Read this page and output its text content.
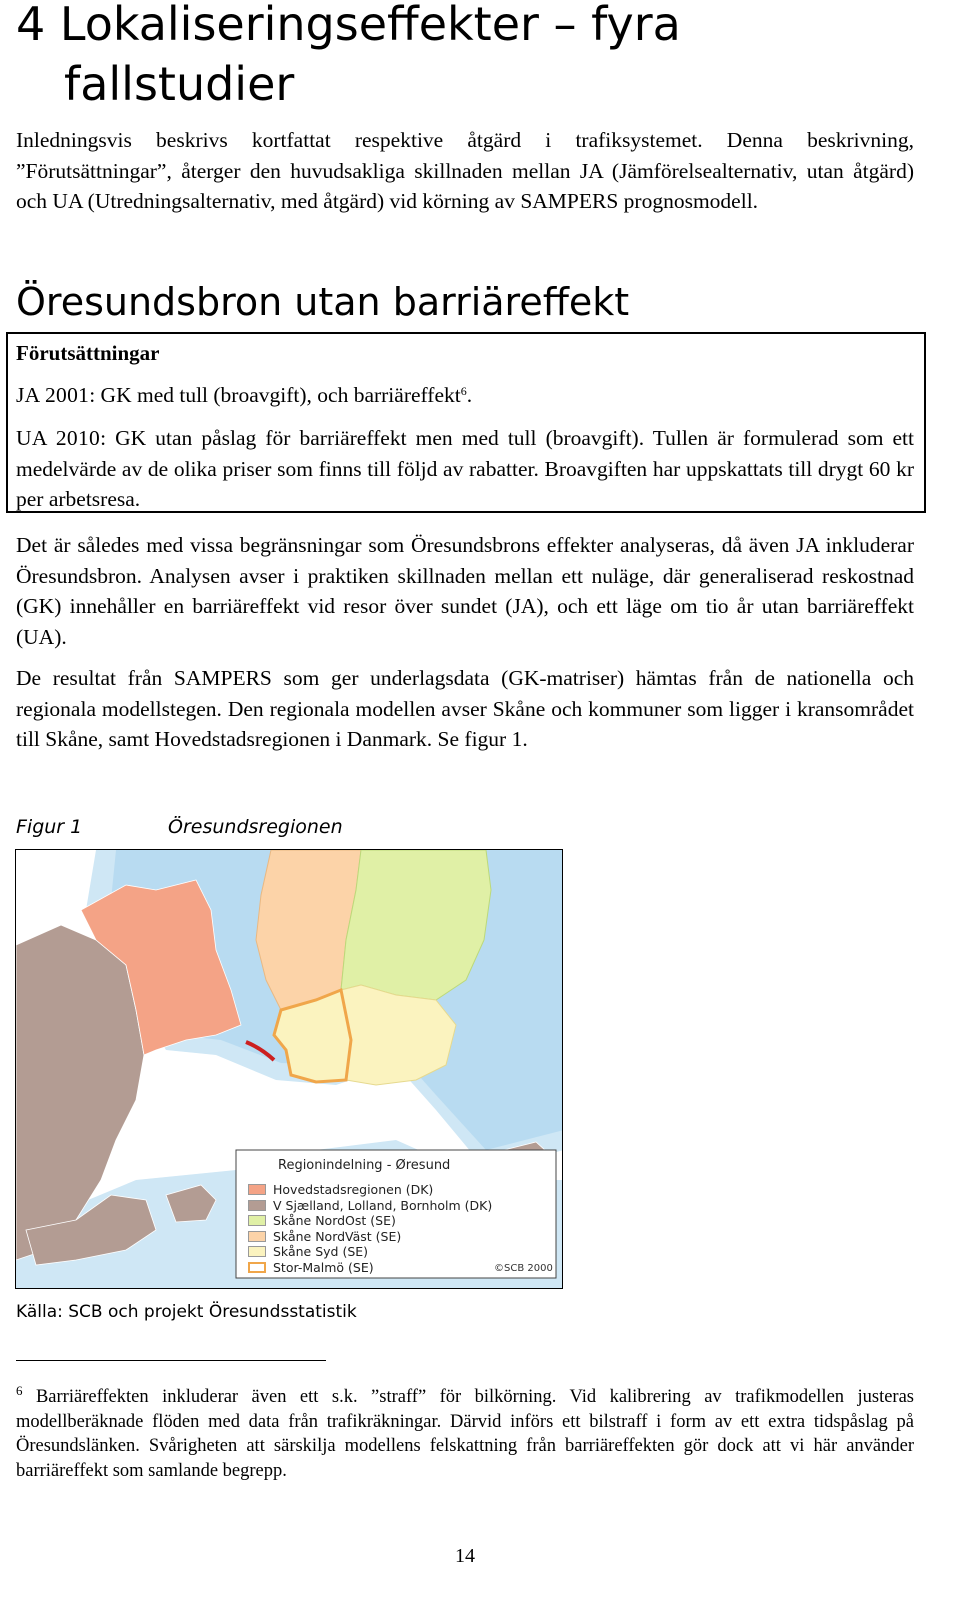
4 Lokaliseringseffekter – fyra
fallstudier

Inledningsvis beskrivs kortfattat respektive åtgärd i trafiksystemet. Denna beskrivning, ”Förutsättningar”, återger den huvudsakliga skillnaden mellan JA (Jämförelsealternativ, utan åtgärd) och UA (Utredningsalternativ, med åtgärd) vid körning av SAMPERS prognosmodell.

Öresundsbron utan barriäreffekt
Förutsättningar

JA 2001: GK med tull (broavgift), och barriäreffekt$^6$.

UA 2010: GK utan påslag för barriäreffekt men med tull (broavgift). Tullen är formulerad som ett medelvärde av de olika priser som finns till följd av rabatter. Broavgiften har uppskattats till drygt 60 kr per arbetsresa.

Det är således med vissa begränsningar som Öresundsbrons effekter analyseras, då även JA inkluderar Öresundsbron. Analysen avser i praktiken skillnaden mellan ett nuläge, där generaliserad reskostnad (GK) innehåller en barriäreffekt vid resor över sundet (JA), och ett läge om tio år utan barriäreffekt (UA).

De resultat från SAMPERS som ger underlagsdata (GK-matriser) hämtas från de nationella och regionala modellstegen. Den regionala modellen avser Skåne och kommuner som ligger i kransområdet till Skåne, samt Hovedstadsregionen i Danmark. Se figur 1.

Figur 1	Öresundsregionen
Regionindelning - Øresund
Hovedstadsregionen (DK)
V Sjælland, Lolland, Bornholm (DK)
Skåne NordOst (SE)
Skåne NordVäst (SE)
Skåne Syd (SE)
Stor-Malmö (SE)	©SCB 2000
Källa: SCB och projekt Öresundsstatistik

$^6$ Barriäreffekten inkluderar även ett s.k. ”straff” för bilkörning. Vid kalibrering av trafikmodellen justeras modellberäknade flöden med data från trafikräkningar. Därvid införs ett bilstraff i form av ett extra tidspåslag på Öresundslänken. Svårigheten att särskilja modellens felskattning från barriäreffekten gör dock att vi här använder barriäreffekt som samlande begrepp.

14
